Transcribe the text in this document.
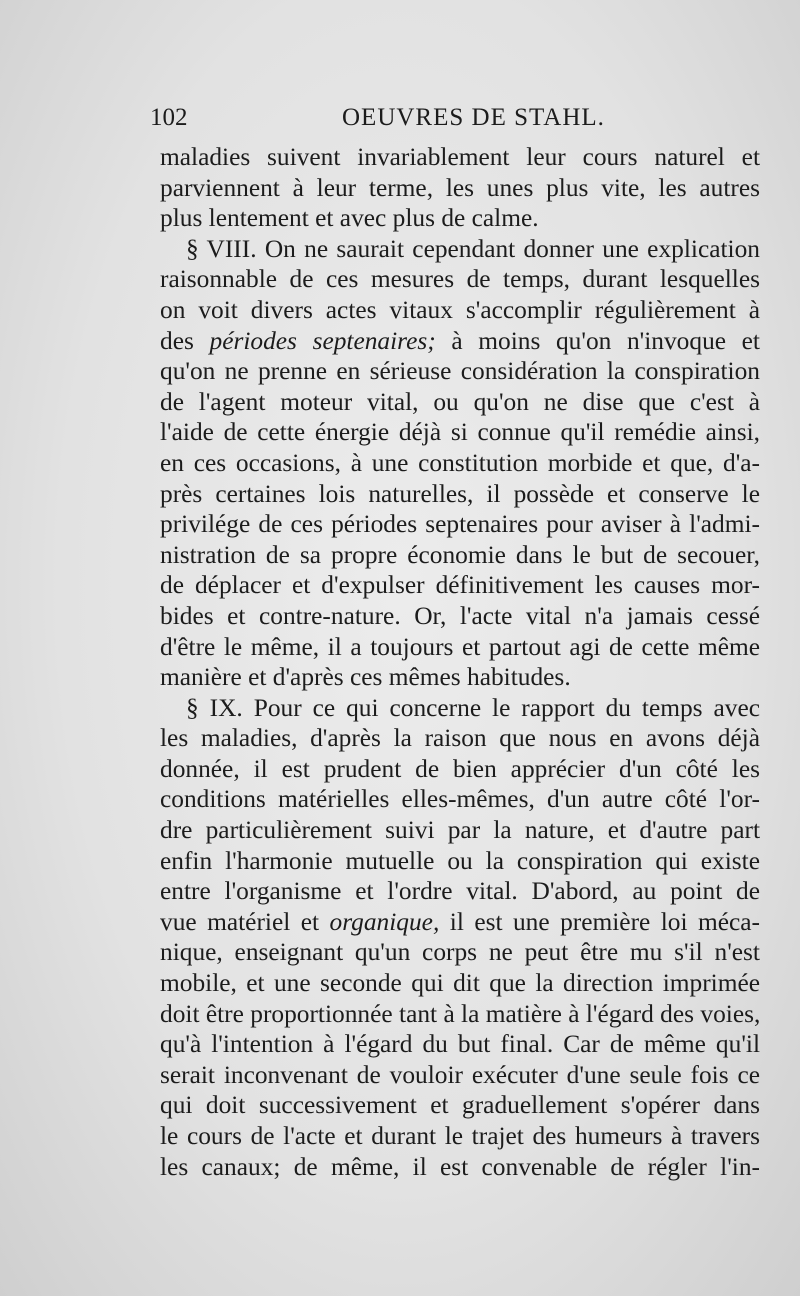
102	OEUVRES DE STAHL.
maladies suivent invariablement leur cours naturel et
parviennent à leur terme, les unes plus vite, les autres
plus lentement et avec plus de calme.
§ VIII. On ne saurait cependant donner une explication
raisonnable de ces mesures de temps, durant lesquelles
on voit divers actes vitaux s'accomplir régulièrement à
des périodes septenaires; à moins qu'on n'invoque et
qu'on ne prenne en sérieuse considération la conspiration
de l'agent moteur vital, ou qu'on ne dise que c'est à
l'aide de cette énergie déjà si connue qu'il remédie ainsi,
en ces occasions, à une constitution morbide et que, d'a-
près certaines lois naturelles, il possède et conserve le
privilége de ces périodes septenaires pour aviser à l'admi-
nistration de sa propre économie dans le but de secouer,
de déplacer et d'expulser définitivement les causes mor-
bides et contre-nature. Or, l'acte vital n'a jamais cessé
d'être le même, il a toujours et partout agi de cette même
manière et d'après ces mêmes habitudes.
§ IX. Pour ce qui concerne le rapport du temps avec
les maladies, d'après la raison que nous en avons déjà
donnée, il est prudent de bien apprécier d'un côté les
conditions matérielles elles-mêmes, d'un autre côté l'or-
dre particulièrement suivi par la nature, et d'autre part
enfin l'harmonie mutuelle ou la conspiration qui existe
entre l'organisme et l'ordre vital. D'abord, au point de
vue matériel et organique, il est une première loi méca-
nique, enseignant qu'un corps ne peut être mu s'il n'est
mobile, et une seconde qui dit que la direction imprimée
doit être proportionnée tant à la matière à l'égard des voies,
qu'à l'intention à l'égard du but final. Car de même qu'il
serait inconvenant de vouloir exécuter d'une seule fois ce
qui doit successivement et graduellement s'opérer dans
le cours de l'acte et durant le trajet des humeurs à travers
les canaux; de même, il est convenable de régler l'in-
